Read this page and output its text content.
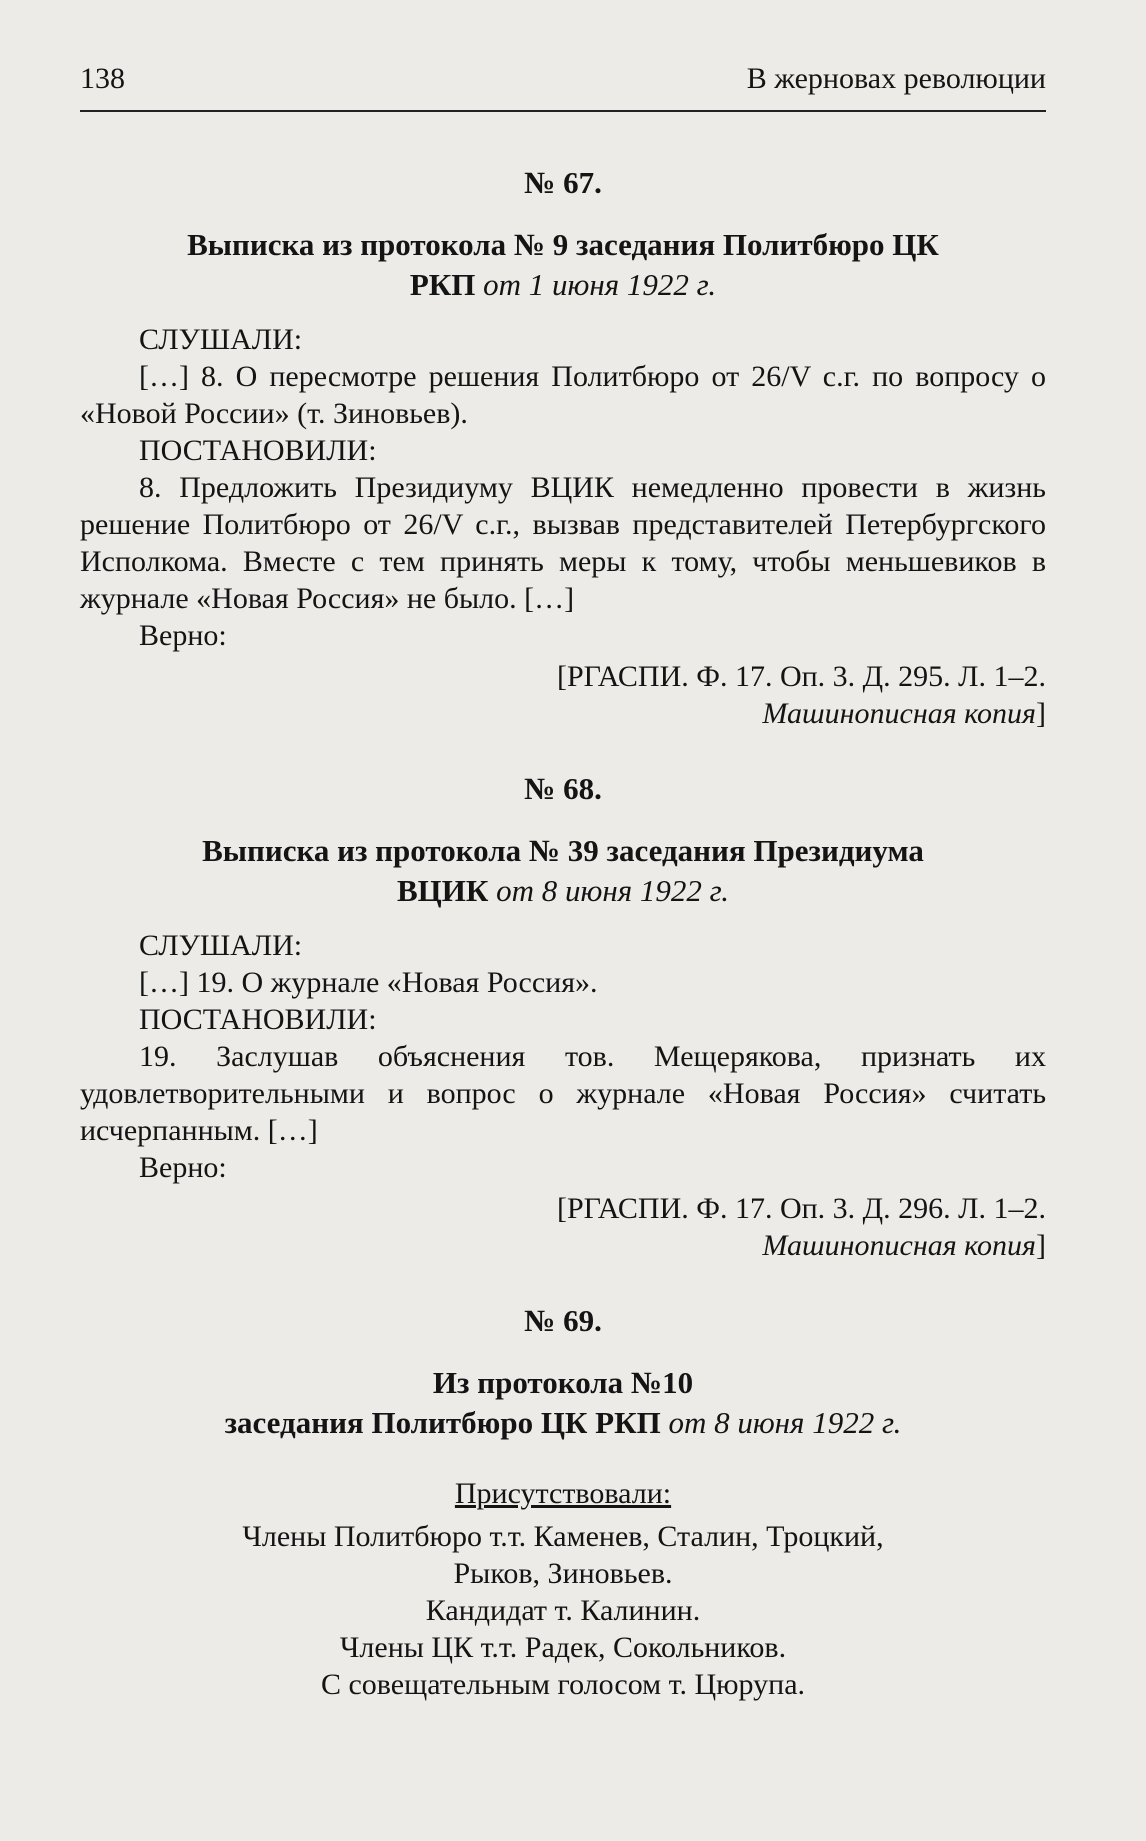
138	В жерновах революции
№ 67.
Выписка из протокола № 9 заседания Политбюро ЦК
РКП от 1 июня 1922 г.
СЛУШАЛИ:

[…] 8. О пересмотре решения Политбюро от 26/V с.г. по вопросу о «Новой России» (т. Зиновьев).

ПОСТАНОВИЛИ:

8. Предложить Президиуму ВЦИК немедленно провести в жизнь решение Политбюро от 26/V с.г., вызвав представителей Петербургского Исполкома. Вместе с тем принять меры к тому, чтобы меньшевиков в журнале «Новая Россия» не было. […]

Верно:
[РГАСПИ. Ф. 17. Оп. 3. Д. 295. Л. 1–2.
Машинописная копия]
№ 68.
Выписка из протокола № 39 заседания Президиума
ВЦИК от 8 июня 1922 г.
СЛУШАЛИ:

[…] 19. О журнале «Новая Россия».

ПОСТАНОВИЛИ:

19. Заслушав объяснения тов. Мещерякова, признать их удовлетворительными и вопрос о журнале «Новая Россия» считать исчерпанным. […]

Верно:
[РГАСПИ. Ф. 17. Оп. 3. Д. 296. Л. 1–2.
Машинописная копия]
№ 69.
Из протокола №10
заседания Политбюро ЦК РКП от 8 июня 1922 г.
Присутствовали:
Члены Политбюро т.т. Каменев, Сталин, Троцкий,
Рыков, Зиновьев.
Кандидат т. Калинин.
Члены ЦК т.т. Радек, Сокольников.
С совещательным голосом т. Цюрупа.
